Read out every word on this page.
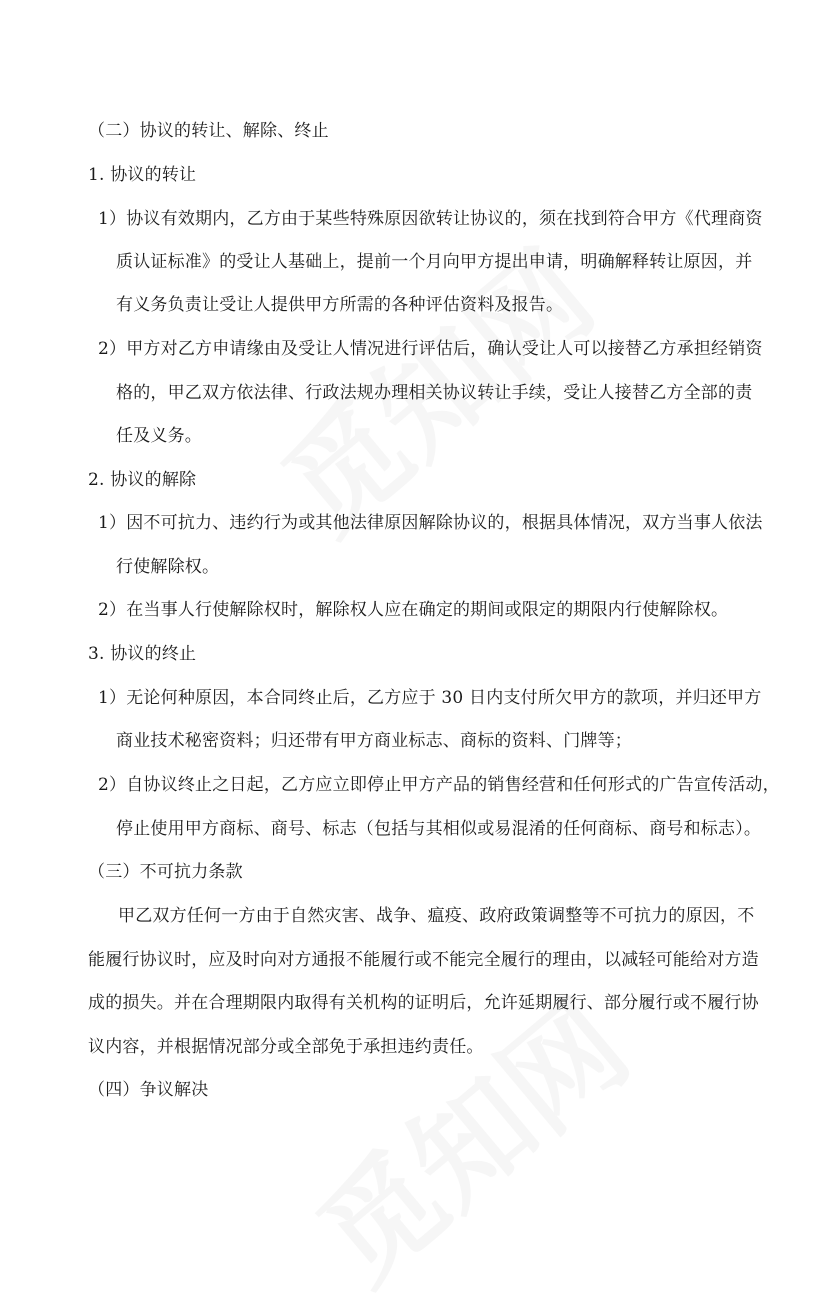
（二）协议的转让、解除、终止

1. 协议的转让

1）协议有效期内，乙方由于某些特殊原因欲转让协议的，须在找到符合甲方《代理商资

质认证标准》的受让人基础上，提前一个月向甲方提出申请，明确解释转让原因，并

有义务负责让受让人提供甲方所需的各种评估资料及报告。

2）甲方对乙方申请缘由及受让人情况进行评估后，确认受让人可以接替乙方承担经销资

格的，甲乙双方依法律、行政法规办理相关协议转让手续，受让人接替乙方全部的责

任及义务。

2. 协议的解除

1）因不可抗力、违约行为或其他法律原因解除协议的，根据具体情况，双方当事人依法

行使解除权。

2）在当事人行使解除权时，解除权人应在确定的期间或限定的期限内行使解除权。

3. 协议的终止

1）无论何种原因，本合同终止后，乙方应于 30 日内支付所欠甲方的款项，并归还甲方

商业技术秘密资料；归还带有甲方商业标志、商标的资料、门牌等；

2）自协议终止之日起，乙方应立即停止甲方产品的销售经营和任何形式的广告宣传活动，

停止使用甲方商标、商号、标志（包括与其相似或易混淆的任何商标、商号和标志）。

（三）不可抗力条款

甲乙双方任何一方由于自然灾害、战争、瘟疫、政府政策调整等不可抗力的原因，不

能履行协议时，应及时向对方通报不能履行或不能完全履行的理由，以减轻可能给对方造

成的损失。并在合理期限内取得有关机构的证明后，允许延期履行、部分履行或不履行协

议内容，并根据情况部分或全部免于承担违约责任。

（四）争议解决
